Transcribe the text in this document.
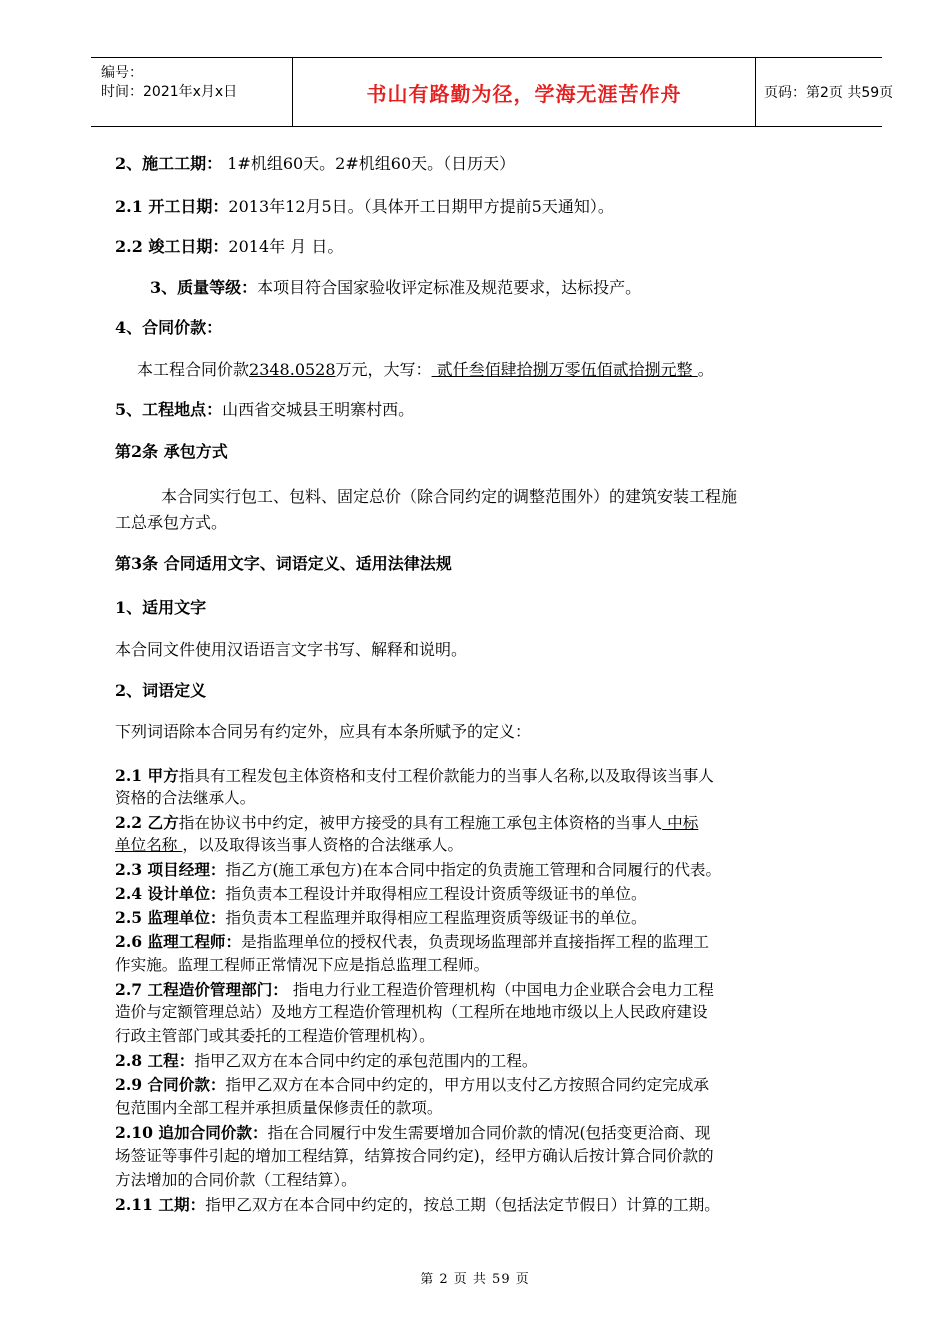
编号：
时间：2021年x月x日	书山有路勤为径，学海无涯苦作舟	页码：第2页 共59页
2、施工工期： 1#机组60天。2#机组60天。（日历天）
2.1 开工日期：2013年12月5日。（具体开工日期甲方提前5天通知）。
2.2 竣工日期：2014年 月 日。
3、质量等级：本项目符合国家验收评定标准及规范要求，达标投产。
4、合同价款：
本工程合同价款2348.0528万元，大写： 贰仟叁佰肆拾捌万零伍佰贰拾捌元整 。
5、工程地点：山西省交城县王明寨村西。
第2条 承包方式
本合同实行包工、包料、固定总价（除合同约定的调整范围外）的建筑安装工程施
工总承包方式。
第3条 合同适用文字、词语定义、适用法律法规
1、适用文字
本合同文件使用汉语语言文字书写、解释和说明。
2、词语定义
下列词语除本合同另有约定外，应具有本条所赋予的定义：
2.1 甲方指具有工程发包主体资格和支付工程价款能力的当事人名称,以及取得该当事人
资格的合法继承人。
2.2 乙方指在协议书中约定，被甲方接受的具有工程施工承包主体资格的当事人 中标
单位名称 ，以及取得该当事人资格的合法继承人。
2.3 项目经理：指乙方(施工承包方)在本合同中指定的负责施工管理和合同履行的代表。
2.4 设计单位：指负责本工程设计并取得相应工程设计资质等级证书的单位。
2.5 监理单位：指负责本工程监理并取得相应工程监理资质等级证书的单位。
2.6 监理工程师：是指监理单位的授权代表，负责现场监理部并直接指挥工程的监理工
作实施。监理工程师正常情况下应是指总监理工程师。
2.7 工程造价管理部门： 指电力行业工程造价管理机构（中国电力企业联合会电力工程
造价与定额管理总站）及地方工程造价管理机构（工程所在地地市级以上人民政府建设
行政主管部门或其委托的工程造价管理机构）。
2.8 工程：指甲乙双方在本合同中约定的承包范围内的工程。
2.9 合同价款：指甲乙双方在本合同中约定的，甲方用以支付乙方按照合同约定完成承
包范围内全部工程并承担质量保修责任的款项。
2.10 追加合同价款：指在合同履行中发生需要增加合同价款的情况(包括变更洽商、现
场签证等事件引起的增加工程结算，结算按合同约定)，经甲方确认后按计算合同价款的
方法增加的合同价款（工程结算）。
2.11 工期：指甲乙双方在本合同中约定的，按总工期（包括法定节假日）计算的工期。
第 2 页 共 59 页
